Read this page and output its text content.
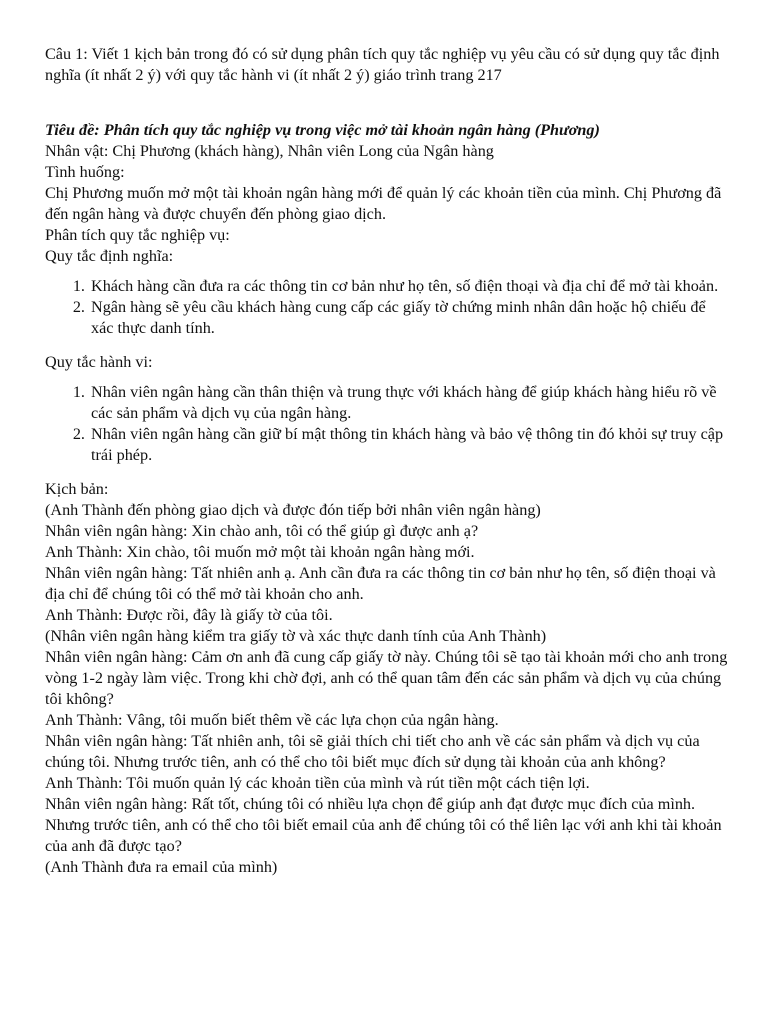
Câu 1: Viết 1 kịch bản trong đó có sử dụng phân tích quy tắc nghiệp vụ yêu cầu có sử dụng quy tắc định nghĩa (ít nhất 2 ý) với quy tắc hành vi (ít nhất 2 ý) giáo trình trang 217

Tiêu đề: Phân tích quy tắc nghiệp vụ trong việc mở tài khoản ngân hàng (Phương)

Nhân vật: Chị Phương (khách hàng), Nhân viên Long của Ngân hàng

Tình huống:

Chị Phương muốn mở một tài khoản ngân hàng mới để quản lý các khoản tiền của mình. Chị Phương đã đến ngân hàng và được chuyển đến phòng giao dịch.

Phân tích quy tắc nghiệp vụ:

Quy tắc định nghĩa:

1. Khách hàng cần đưa ra các thông tin cơ bản như họ tên, số điện thoại và địa chỉ để mở tài khoản.
2. Ngân hàng sẽ yêu cầu khách hàng cung cấp các giấy tờ chứng minh nhân dân hoặc hộ chiếu để xác thực danh tính.

Quy tắc hành vi:

1. Nhân viên ngân hàng cần thân thiện và trung thực với khách hàng để giúp khách hàng hiểu rõ về các sản phẩm và dịch vụ của ngân hàng.
2. Nhân viên ngân hàng cần giữ bí mật thông tin khách hàng và bảo vệ thông tin đó khỏi sự truy cập trái phép.

Kịch bản:

(Anh Thành đến phòng giao dịch và được đón tiếp bởi nhân viên ngân hàng)

Nhân viên ngân hàng: Xin chào anh, tôi có thể giúp gì được anh ạ?

Anh Thành: Xin chào, tôi muốn mở một tài khoản ngân hàng mới.

Nhân viên ngân hàng: Tất nhiên anh ạ. Anh cần đưa ra các thông tin cơ bản như họ tên, số điện thoại và địa chỉ để chúng tôi có thể mở tài khoản cho anh.

Anh Thành: Được rồi, đây là giấy tờ của tôi.

(Nhân viên ngân hàng kiểm tra giấy tờ và xác thực danh tính của Anh Thành)

Nhân viên ngân hàng: Cảm ơn anh đã cung cấp giấy tờ này. Chúng tôi sẽ tạo tài khoản mới cho anh trong vòng 1-2 ngày làm việc. Trong khi chờ đợi, anh có thể quan tâm đến các sản phẩm và dịch vụ của chúng tôi không?

Anh Thành: Vâng, tôi muốn biết thêm về các lựa chọn của ngân hàng.

Nhân viên ngân hàng: Tất nhiên anh, tôi sẽ giải thích chi tiết cho anh về các sản phẩm và dịch vụ của chúng tôi. Nhưng trước tiên, anh có thể cho tôi biết mục đích sử dụng tài khoản của anh không?

Anh Thành: Tôi muốn quản lý các khoản tiền của mình và rút tiền một cách tiện lợi.

Nhân viên ngân hàng: Rất tốt, chúng tôi có nhiều lựa chọn để giúp anh đạt được mục đích của mình. Nhưng trước tiên, anh có thể cho tôi biết email của anh để chúng tôi có thể liên lạc với anh khi tài khoản của anh đã được tạo?

(Anh Thành đưa ra email của mình)
